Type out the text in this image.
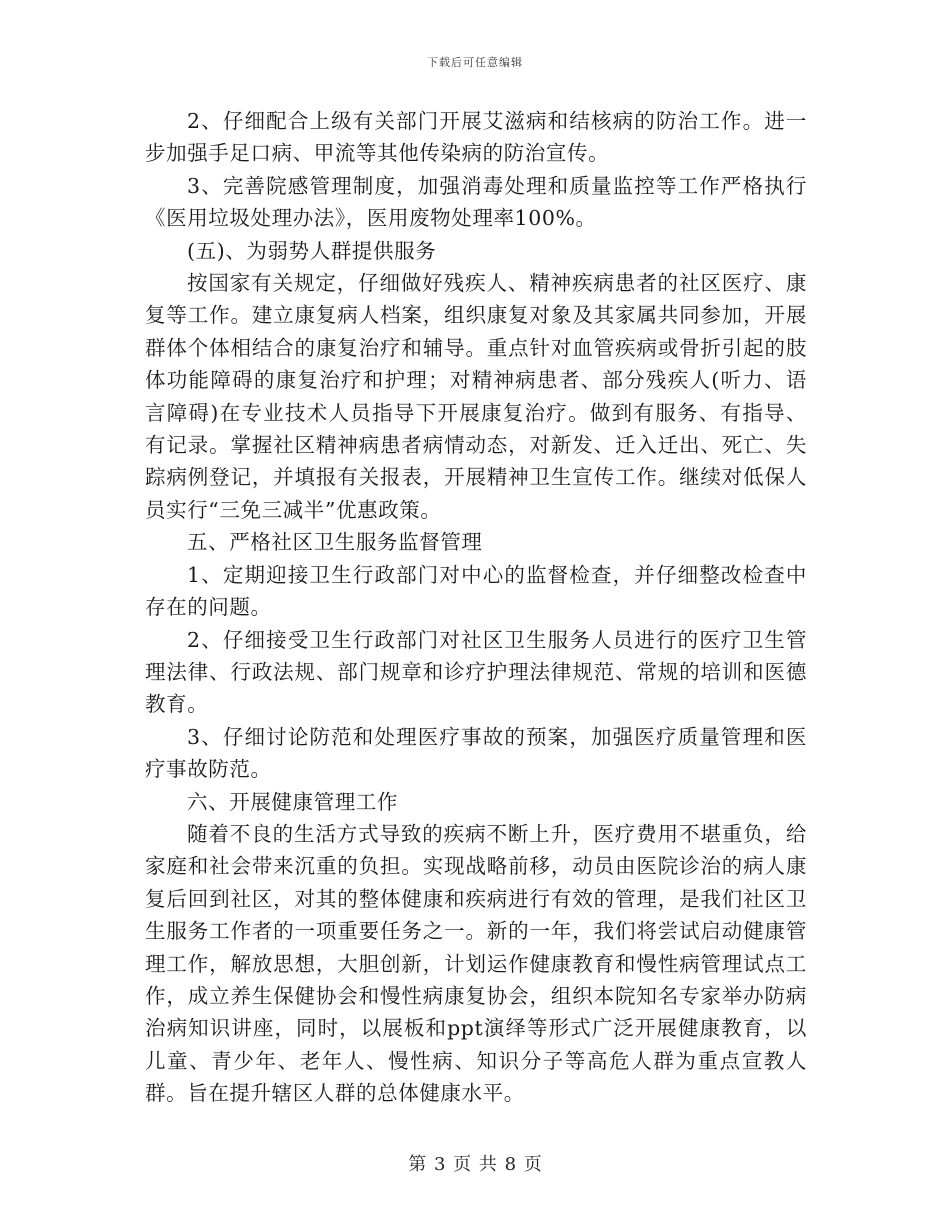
下载后可任意编辑

2、仔细配合上级有关部门开展艾滋病和结核病的防治工作。进一步加强手足口病、甲流等其他传染病的防治宣传。

3、完善院感管理制度，加强消毒处理和质量监控等工作严格执行《医用垃圾处理办法》，医用废物处理率100%。

(五)、为弱势人群提供服务

按国家有关规定，仔细做好残疾人、精神疾病患者的社区医疗、康复等工作。建立康复病人档案，组织康复对象及其家属共同参加，开展群体个体相结合的康复治疗和辅导。重点针对血管疾病或骨折引起的肢体功能障碍的康复治疗和护理；对精神病患者、部分残疾人(听力、语言障碍)在专业技术人员指导下开展康复治疗。做到有服务、有指导、有记录。掌握社区精神病患者病情动态，对新发、迁入迁出、死亡、失踪病例登记，并填报有关报表，开展精神卫生宣传工作。继续对低保人员实行“三免三减半”优惠政策。

五、严格社区卫生服务监督管理

1、定期迎接卫生行政部门对中心的监督检查，并仔细整改检查中存在的问题。

2、仔细接受卫生行政部门对社区卫生服务人员进行的医疗卫生管理法律、行政法规、部门规章和诊疗护理法律规范、常规的培训和医德教育。

3、仔细讨论防范和处理医疗事故的预案，加强医疗质量管理和医疗事故防范。

六、开展健康管理工作

随着不良的生活方式导致的疾病不断上升，医疗费用不堪重负，给家庭和社会带来沉重的负担。实现战略前移，动员由医院诊治的病人康复后回到社区，对其的整体健康和疾病进行有效的管理，是我们社区卫生服务工作者的一项重要任务之一。新的一年，我们将尝试启动健康管理工作，解放思想，大胆创新，计划运作健康教育和慢性病管理试点工作，成立养生保健协会和慢性病康复协会，组织本院知名专家举办防病治病知识讲座，同时，以展板和ppt演绎等形式广泛开展健康教育，以儿童、青少年、老年人、慢性病、知识分子等高危人群为重点宣教人群。旨在提升辖区人群的总体健康水平。

第 3 页 共 8 页
